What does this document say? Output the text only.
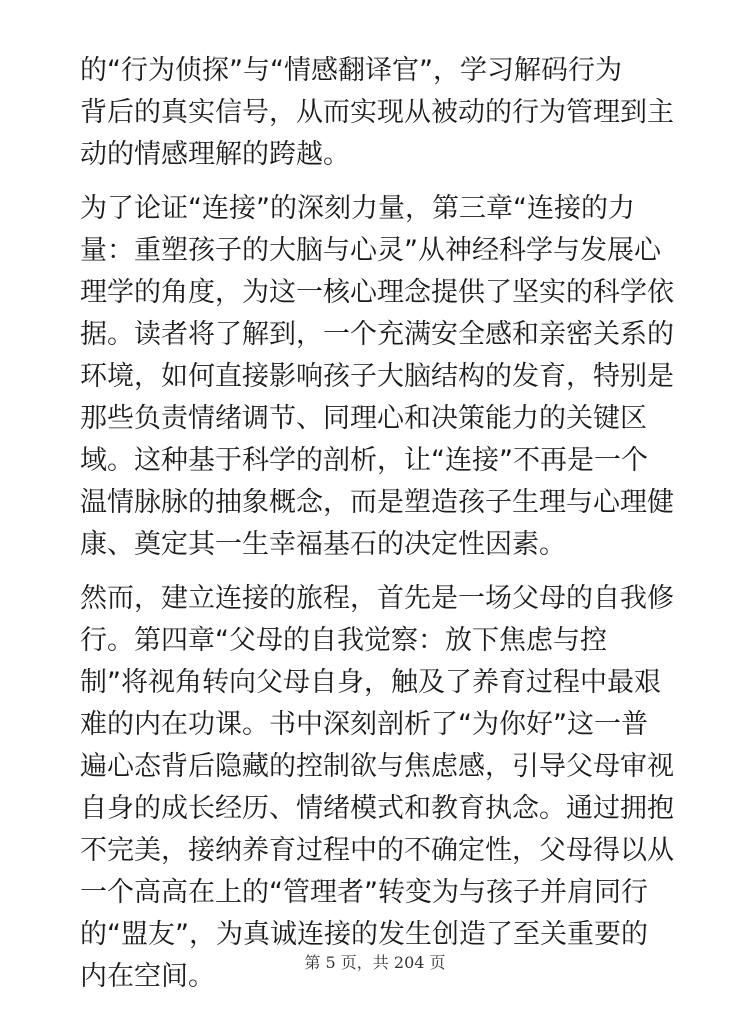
的“行为侦探”与“情感翻译官”，学习解码行为
背后的真实信号，从而实现从被动的行为管理到主
动的情感理解的跨越。

为了论证“连接”的深刻力量，第三章“连接的力
量：重塑孩子的大脑与心灵”从神经科学与发展心
理学的角度，为这一核心理念提供了坚实的科学依
据。读者将了解到，一个充满安全感和亲密关系的
环境，如何直接影响孩子大脑结构的发育，特别是
那些负责情绪调节、同理心和决策能力的关键区
域。这种基于科学的剖析，让“连接”不再是一个
温情脉脉的抽象概念，而是塑造孩子生理与心理健
康、奠定其一生幸福基石的决定性因素。

然而，建立连接的旅程，首先是一场父母的自我修
行。第四章“父母的自我觉察：放下焦虑与控
制”将视角转向父母自身，触及了养育过程中最艰
难的内在功课。书中深刻剖析了“为你好”这一普
遍心态背后隐藏的控制欲与焦虑感，引导父母审视
自身的成长经历、情绪模式和教育执念。通过拥抱
不完美，接纳养育过程中的不确定性，父母得以从
一个高高在上的“管理者”转变为与孩子并肩同行
的“盟友”，为真诚连接的发生创造了至关重要的
内在空间。	第 5 页，共 204 页
